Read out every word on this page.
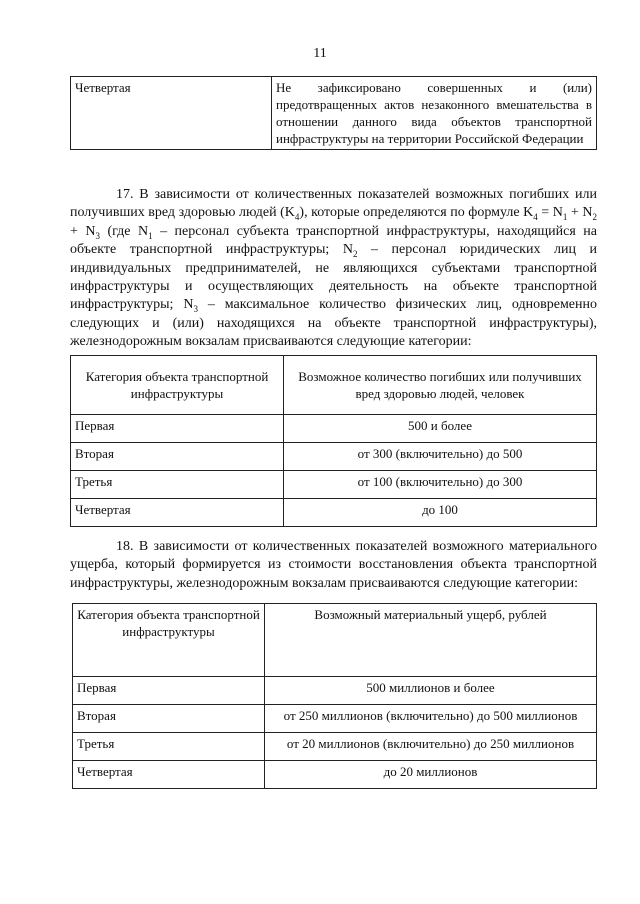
11
Четвертая	Не зафиксировано совершенных и (или) предотвращенных актов незаконного вмешательства в отношении данного вида объектов транспортной инфраструктуры на территории Российской Федерации

17. В зависимости от количественных показателей возможных погибших или получивших вред здоровью людей $(K_4)$, которые определяются по формуле $K_4 = N_1 + N_2 + N_3$ (где $N_1$ – персонал субъекта транспортной инфраструктуры, находящийся на объекте транспортной инфраструктуры; $N_2$ – персонал юридических лиц и индивидуальных предпринимателей, не являющихся субъектами транспортной инфраструктуры и осуществляющих деятельность на объекте транспортной инфраструктуры; $N_3$ – максимальное количество физических лиц, одновременно следующих и (или) находящихся на объекте транспортной инфраструктуры), железнодорожным вокзалам присваиваются следующие категории:

Категория объекта транспортной инфраструктуры	Возможное количество погибших или получивших вред здоровью людей, человек
Первая	500 и более
Вторая	от 300 (включительно) до 500
Третья	от 100 (включительно) до 300
Четвертая	до 100

18. В зависимости от количественных показателей возможного материального ущерба, который формируется из стоимости восстановления объекта транспортной инфраструктуры, железнодорожным вокзалам присваиваются следующие категории:

Категория объекта транспортной инфраструктуры	Возможный материальный ущерб, рублей
Первая	500 миллионов и более
Вторая	от 250 миллионов (включительно) до 500 миллионов
Третья	от 20 миллионов (включительно) до 250 миллионов
Четвертая	до 20 миллионов
